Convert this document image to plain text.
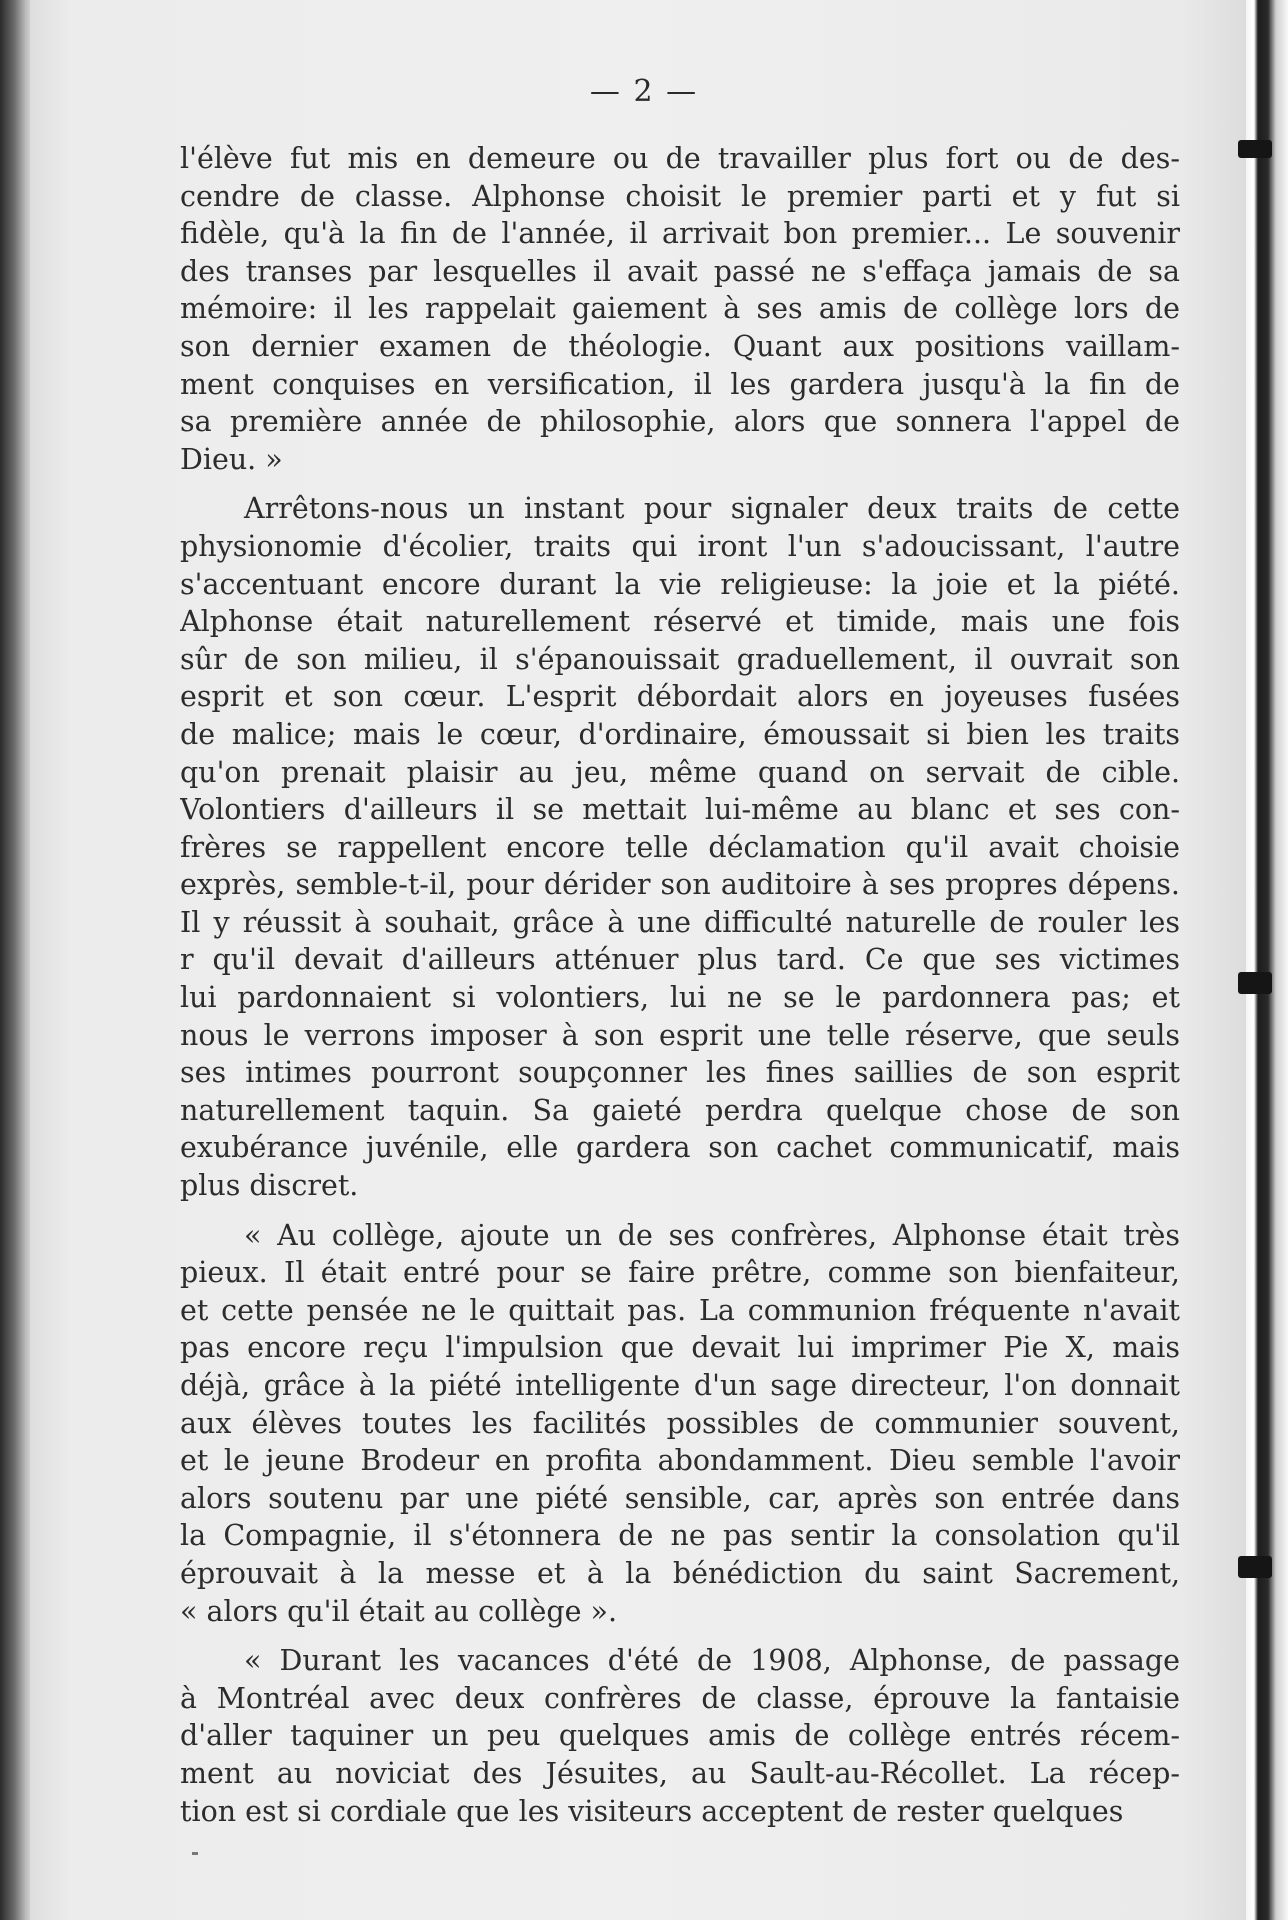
— 2 —
l'élève fut mis en demeure ou de travailler plus fort ou de des-
cendre de classe. Alphonse choisit le premier parti et y fut si
fidèle, qu'à la fin de l'année, il arrivait bon premier... Le souvenir
des transes par lesquelles il avait passé ne s'effaça jamais de sa
mémoire: il les rappelait gaiement à ses amis de collège lors de
son dernier examen de théologie. Quant aux positions vaillam-
ment conquises en versification, il les gardera jusqu'à la fin de
sa première année de philosophie, alors que sonnera l'appel de
Dieu. »
Arrêtons-nous un instant pour signaler deux traits de cette
physionomie d'écolier, traits qui iront l'un s'adoucissant, l'autre
s'accentuant encore durant la vie religieuse: la joie et la piété.
Alphonse était naturellement réservé et timide, mais une fois
sûr de son milieu, il s'épanouissait graduellement, il ouvrait son
esprit et son cœur. L'esprit débordait alors en joyeuses fusées
de malice; mais le cœur, d'ordinaire, émoussait si bien les traits
qu'on prenait plaisir au jeu, même quand on servait de cible.
Volontiers d'ailleurs il se mettait lui-même au blanc et ses con-
frères se rappellent encore telle déclamation qu'il avait choisie
exprès, semble-t-il, pour dérider son auditoire à ses propres dépens.
Il y réussit à souhait, grâce à une difficulté naturelle de rouler les
r qu'il devait d'ailleurs atténuer plus tard. Ce que ses victimes
lui pardonnaient si volontiers, lui ne se le pardonnera pas; et
nous le verrons imposer à son esprit une telle réserve, que seuls
ses intimes pourront soupçonner les fines saillies de son esprit
naturellement taquin. Sa gaieté perdra quelque chose de son
exubérance juvénile, elle gardera son cachet communicatif, mais
plus discret.
« Au collège, ajoute un de ses confrères, Alphonse était très
pieux. Il était entré pour se faire prêtre, comme son bienfaiteur,
et cette pensée ne le quittait pas. La communion fréquente n'avait
pas encore reçu l'impulsion que devait lui imprimer Pie X, mais
déjà, grâce à la piété intelligente d'un sage directeur, l'on donnait
aux élèves toutes les facilités possibles de communier souvent,
et le jeune Brodeur en profita abondamment. Dieu semble l'avoir
alors soutenu par une piété sensible, car, après son entrée dans
la Compagnie, il s'étonnera de ne pas sentir la consolation qu'il
éprouvait à la messe et à la bénédiction du saint Sacrement,
« alors qu'il était au collège ».
« Durant les vacances d'été de 1908, Alphonse, de passage
à Montréal avec deux confrères de classe, éprouve la fantaisie
d'aller taquiner un peu quelques amis de collège entrés récem-
ment au noviciat des Jésuites, au Sault-au-Récollet. La récep-
tion est si cordiale que les visiteurs acceptent de rester quelques
